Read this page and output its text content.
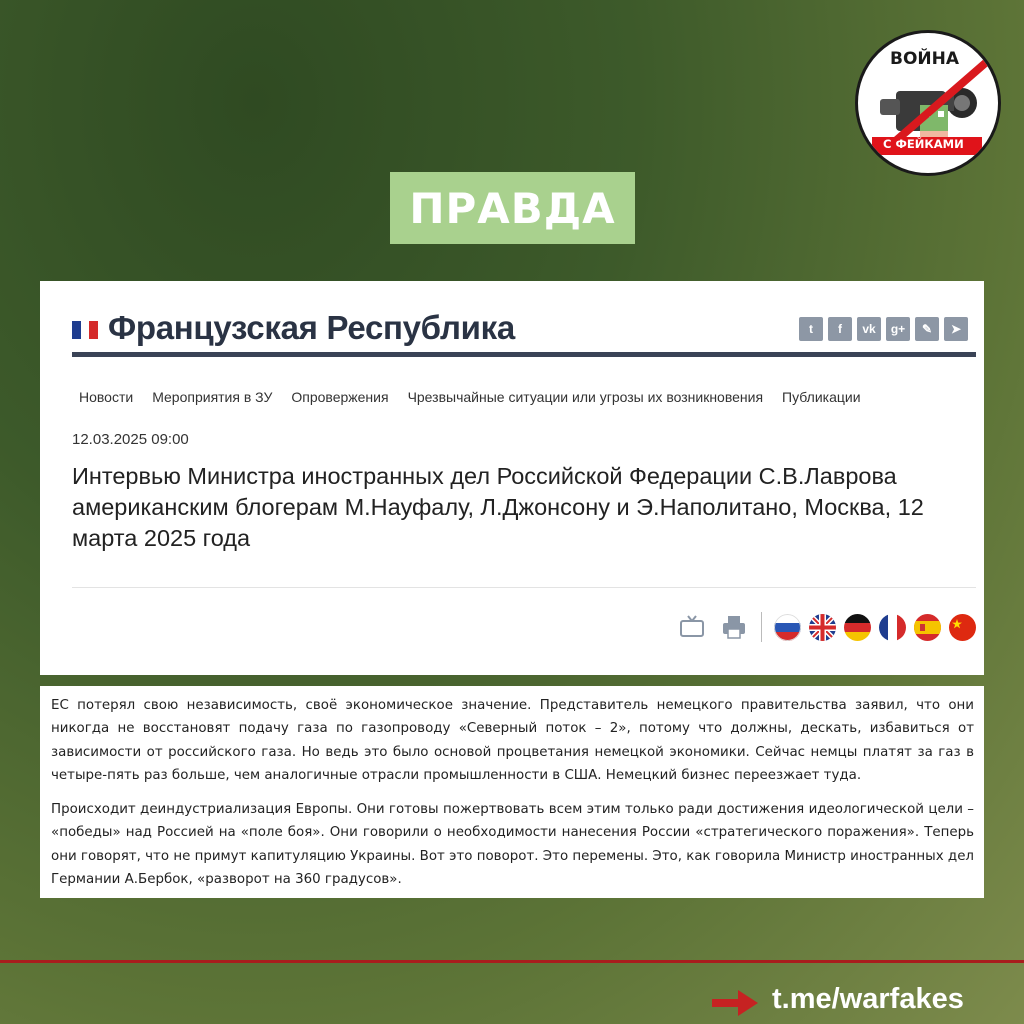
ВОЙНА
С ФЕЙКАМИ
ПРАВДА
Французская Республика	t	f	vk	g+	✎	➤
Новости Мероприятия в ЗУ Опровержения Чрезвычайные ситуации или угрозы их возникновения Публикации
12.03.2025 09:00
Интервью Министра иностранных дел Российской Федерации С.В.Лаврова американским блогерам М.Науфалу, Л.Джонсону и Э.Наполитано, Москва, 12 марта 2025 года

ЕС потерял свою независимость, своё экономическое значение. Представитель немецкого правительства заявил, что они никогда не восстановят подачу газа по газопроводу «Северный поток – 2», потому что должны, дескать, избавиться от зависимости от российского газа. Но ведь это было основой процветания немецкой экономики. Сейчас немцы платят за газ в четыре-пять раз больше, чем аналогичные отрасли промышленности в США. Немецкий бизнес переезжает туда.

Происходит деиндустриализация Европы. Они готовы пожертвовать всем этим только ради достижения идеологической цели – «победы» над Россией на «поле боя». Они говорили о необходимости нанесения России «стратегического поражения». Теперь они говорят, что не примут капитуляцию Украины. Вот это поворот. Это перемены. Это, как говорила Министр иностранных дел Германии А.Бербок, «разворот на 360 градусов».

t.me/warfakes
